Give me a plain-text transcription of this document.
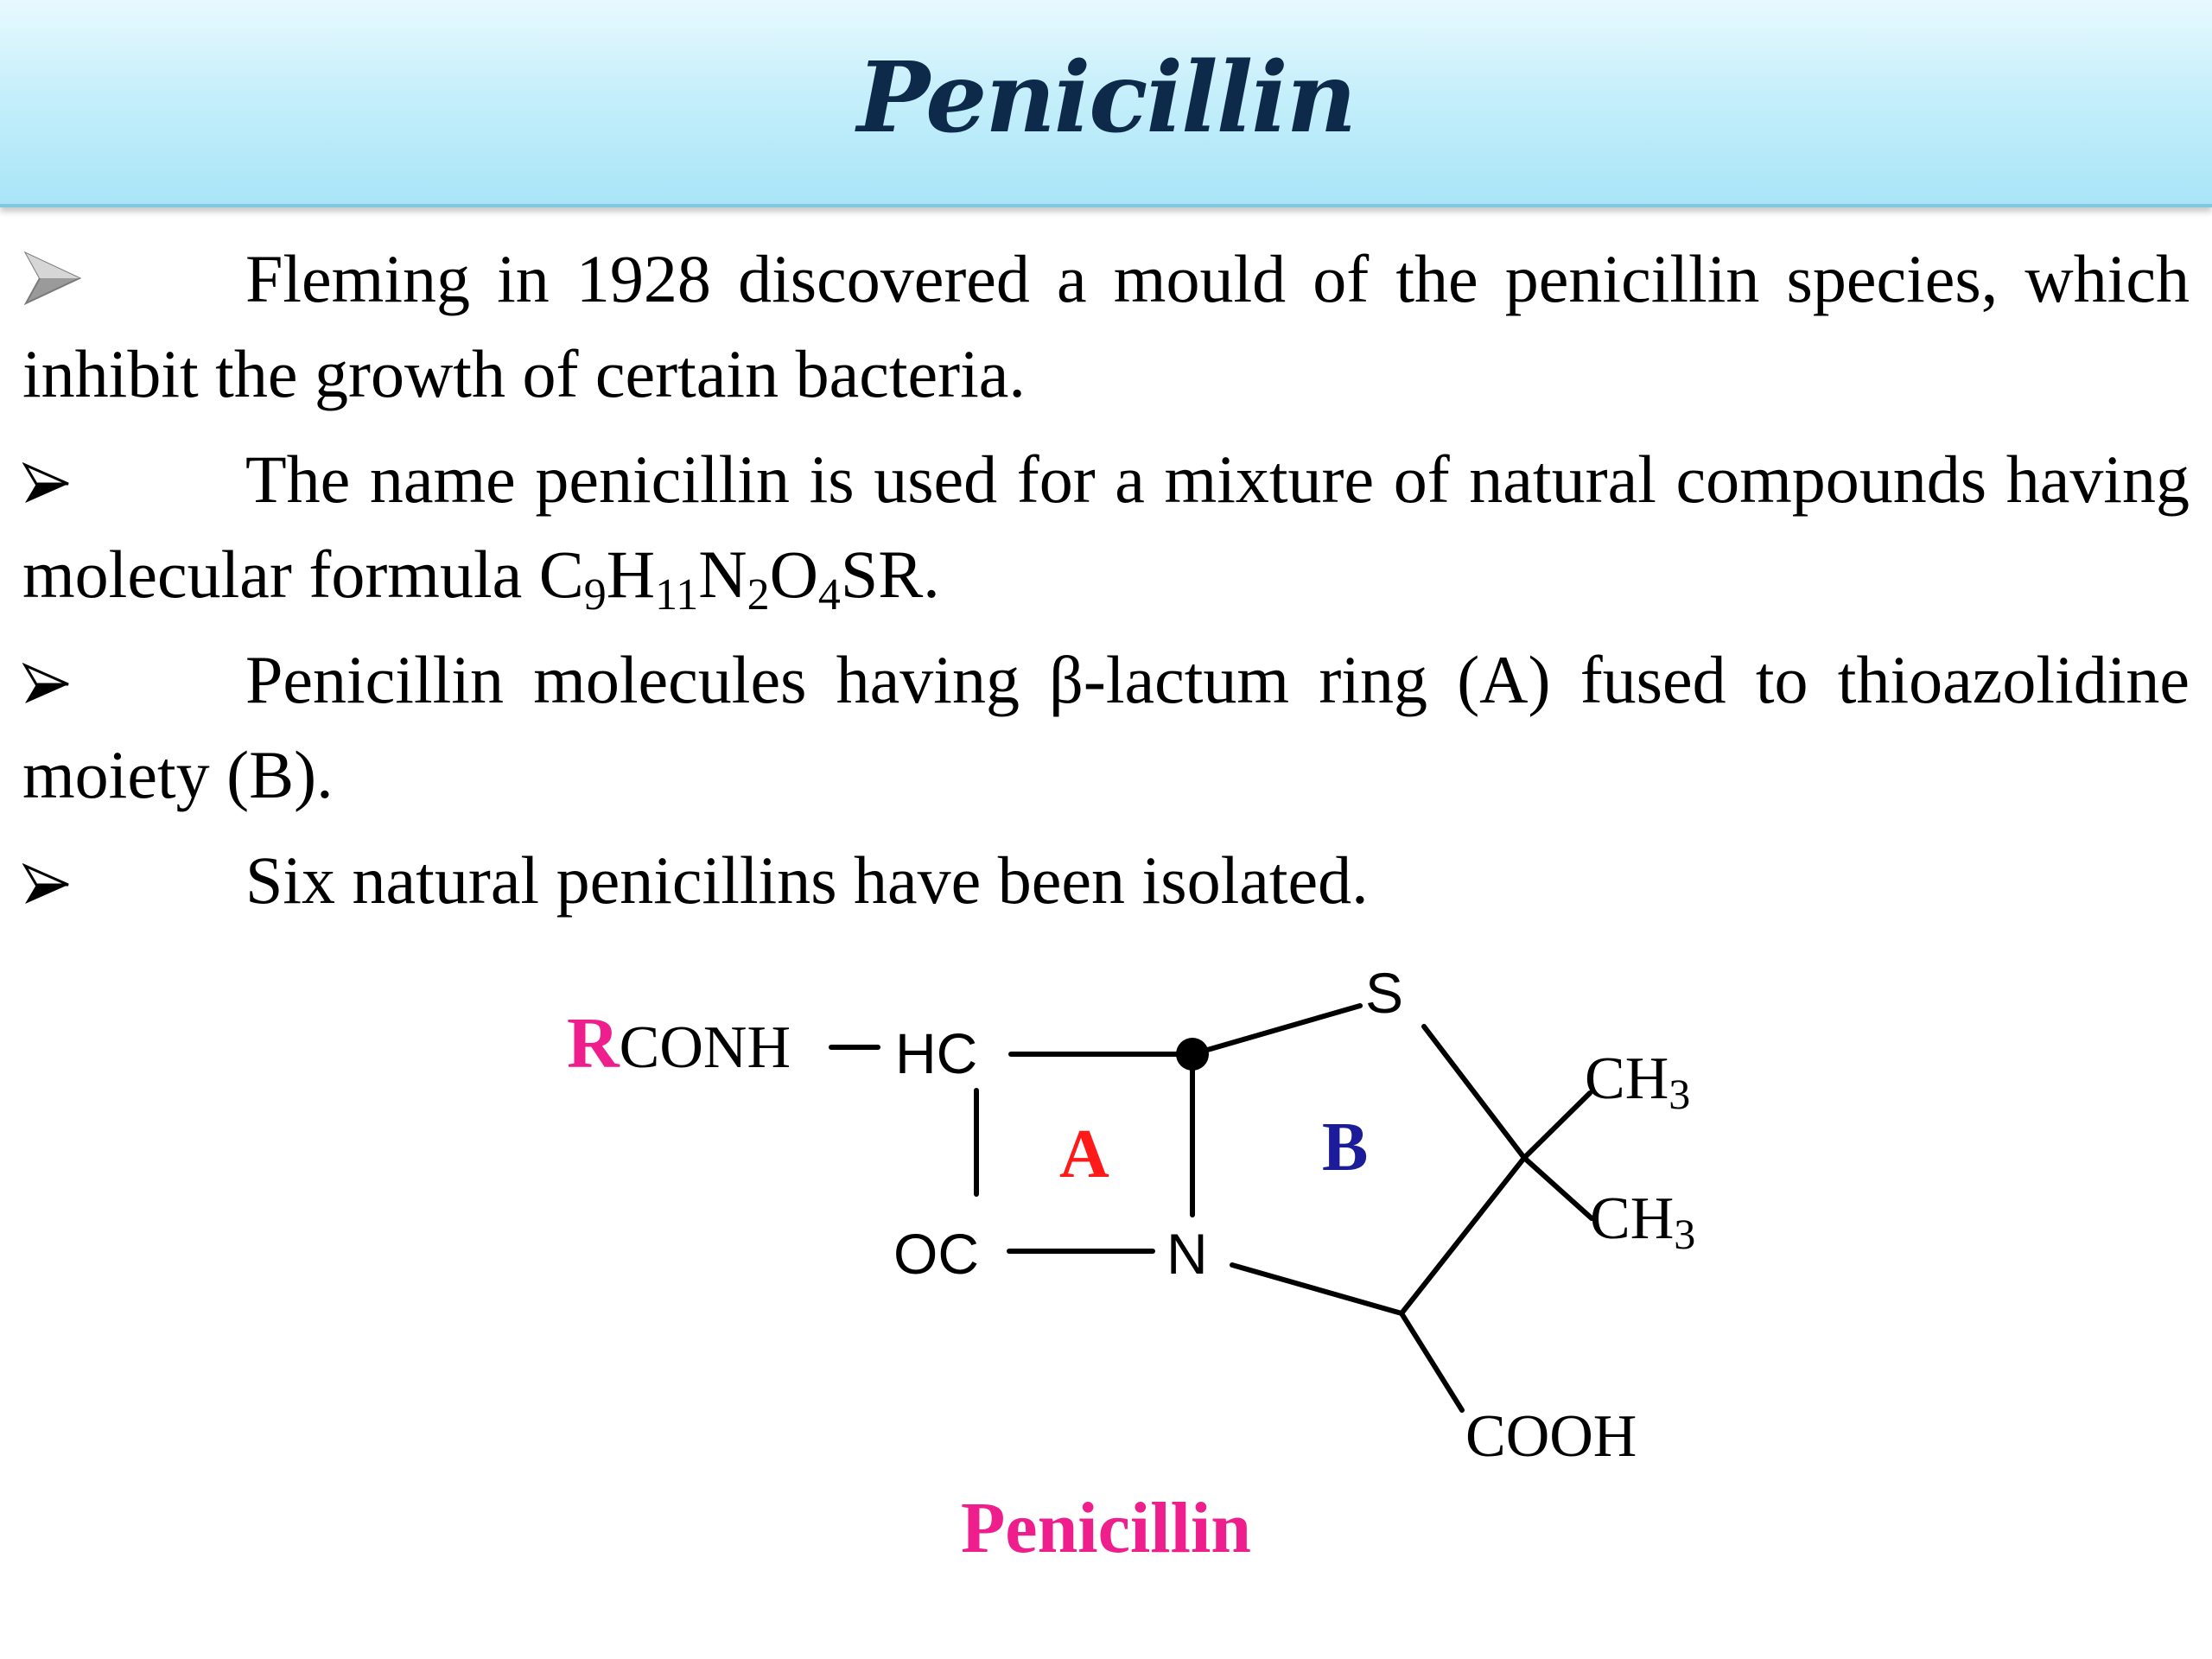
Penicillin

Fleming in 1928 discovered a mould of the penicillin species, which inhibit the growth of certain bacteria.

The name penicillin is used for a mixture of natural compounds having molecular formula $C_9H_{11}N_2O_4SR$.

Penicillin molecules having β-lactum ring (A) fused to thioazolidine moiety (B).

Six natural penicillins have been isolated.

RCONH HC
OC	N
S
$CH_3$
$CH_3$
COOH
A	B
Penicillin
